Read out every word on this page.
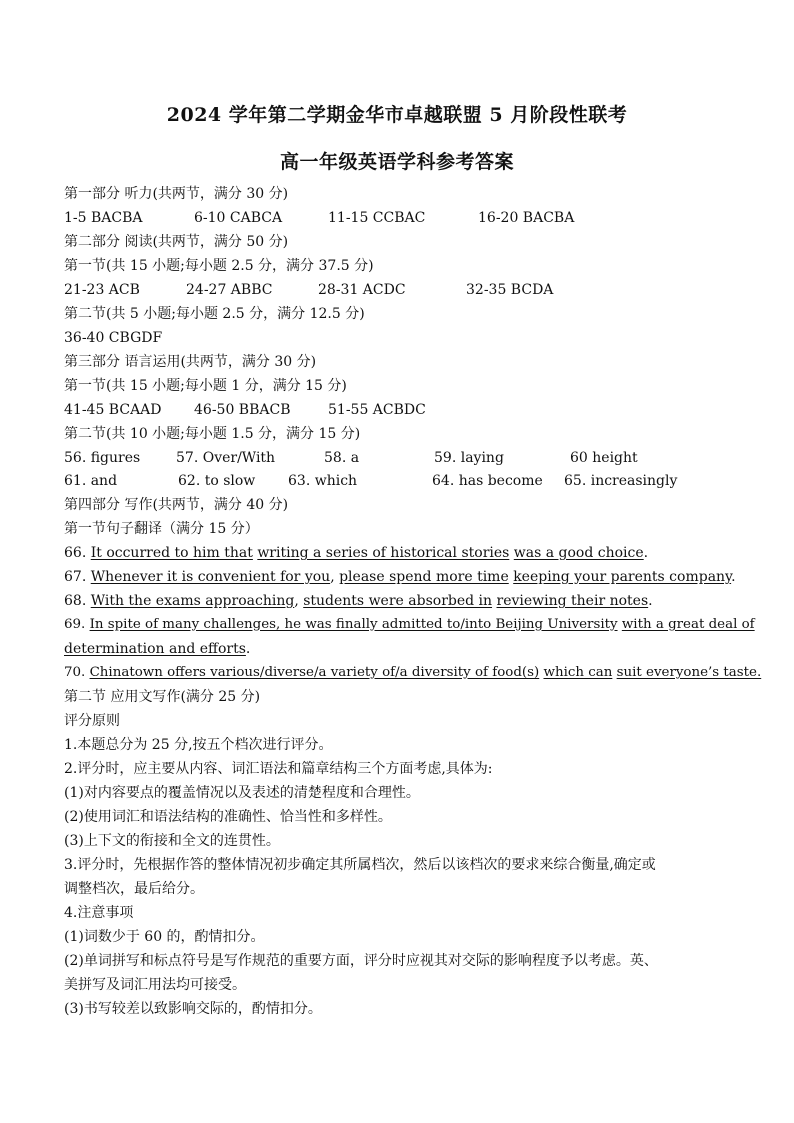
2024 学年第二学期金华市卓越联盟 5 月阶段性联考
高一年级英语学科参考答案
第一部分 听力(共两节，满分 30 分)
1-5 BACBA	6-10 CABCA	11-15 CCBAC	16-20 BACBA
第二部分 阅读(共两节，满分 50 分)
第一节(共 15 小题;每小题 2.5 分，满分 37.5 分)
21-23 ACB	24-27 ABBC	28-31 ACDC	32-35 BCDA
第二节(共 5 小题;每小题 2.5 分，满分 12.5 分)
36-40 CBGDF
第三部分 语言运用(共两节，满分 30 分)
第一节(共 15 小题;每小题 1 分，满分 15 分)
41-45 BCAAD 46-50 BBACB	51-55 ACBDC
第二节(共 10 小题;每小题 1.5 分，满分 15 分)
56. figures	57. Over/With	58. a	59. laying	60 height
61. and	62. to slow 63. which	64. has become 65. increasingly
第四部分 写作(共两节，满分 40 分)
第一节句子翻译（满分 15 分）
66. It occurred to him that writing a series of historical stories was a good choice.
67. Whenever it is convenient for you, please spend more time keeping your parents company.
68. With the exams approaching, students were absorbed in reviewing their notes.
69. In spite of many challenges, he was finally admitted to/into Beijing University with a great deal of
determination and efforts.
70. Chinatown offers various/diverse/a variety of/a diversity of food(s) which can suit everyone’s taste.
第二节 应用文写作(满分 25 分)
评分原则
1.本题总分为 25 分,按五个档次进行评分。
2.评分时，应主要从内容、词汇语法和篇章结构三个方面考虑,具体为:
(1)对内容要点的覆盖情况以及表述的清楚程度和合理性。
(2)使用词汇和语法结构的准确性、恰当性和多样性。
(3)上下文的衔接和全文的连贯性。
3.评分时，先根据作答的整体情况初步确定其所属档次，然后以该档次的要求来综合衡量,确定或
调整档次，最后给分。
4.注意事项
(1)词数少于 60 的，酌情扣分。
(2)单词拼写和标点符号是写作规范的重要方面，评分时应视其对交际的影响程度予以考虑。英、
美拼写及词汇用法均可接受。
(3)书写较差以致影响交际的，酌情扣分。
